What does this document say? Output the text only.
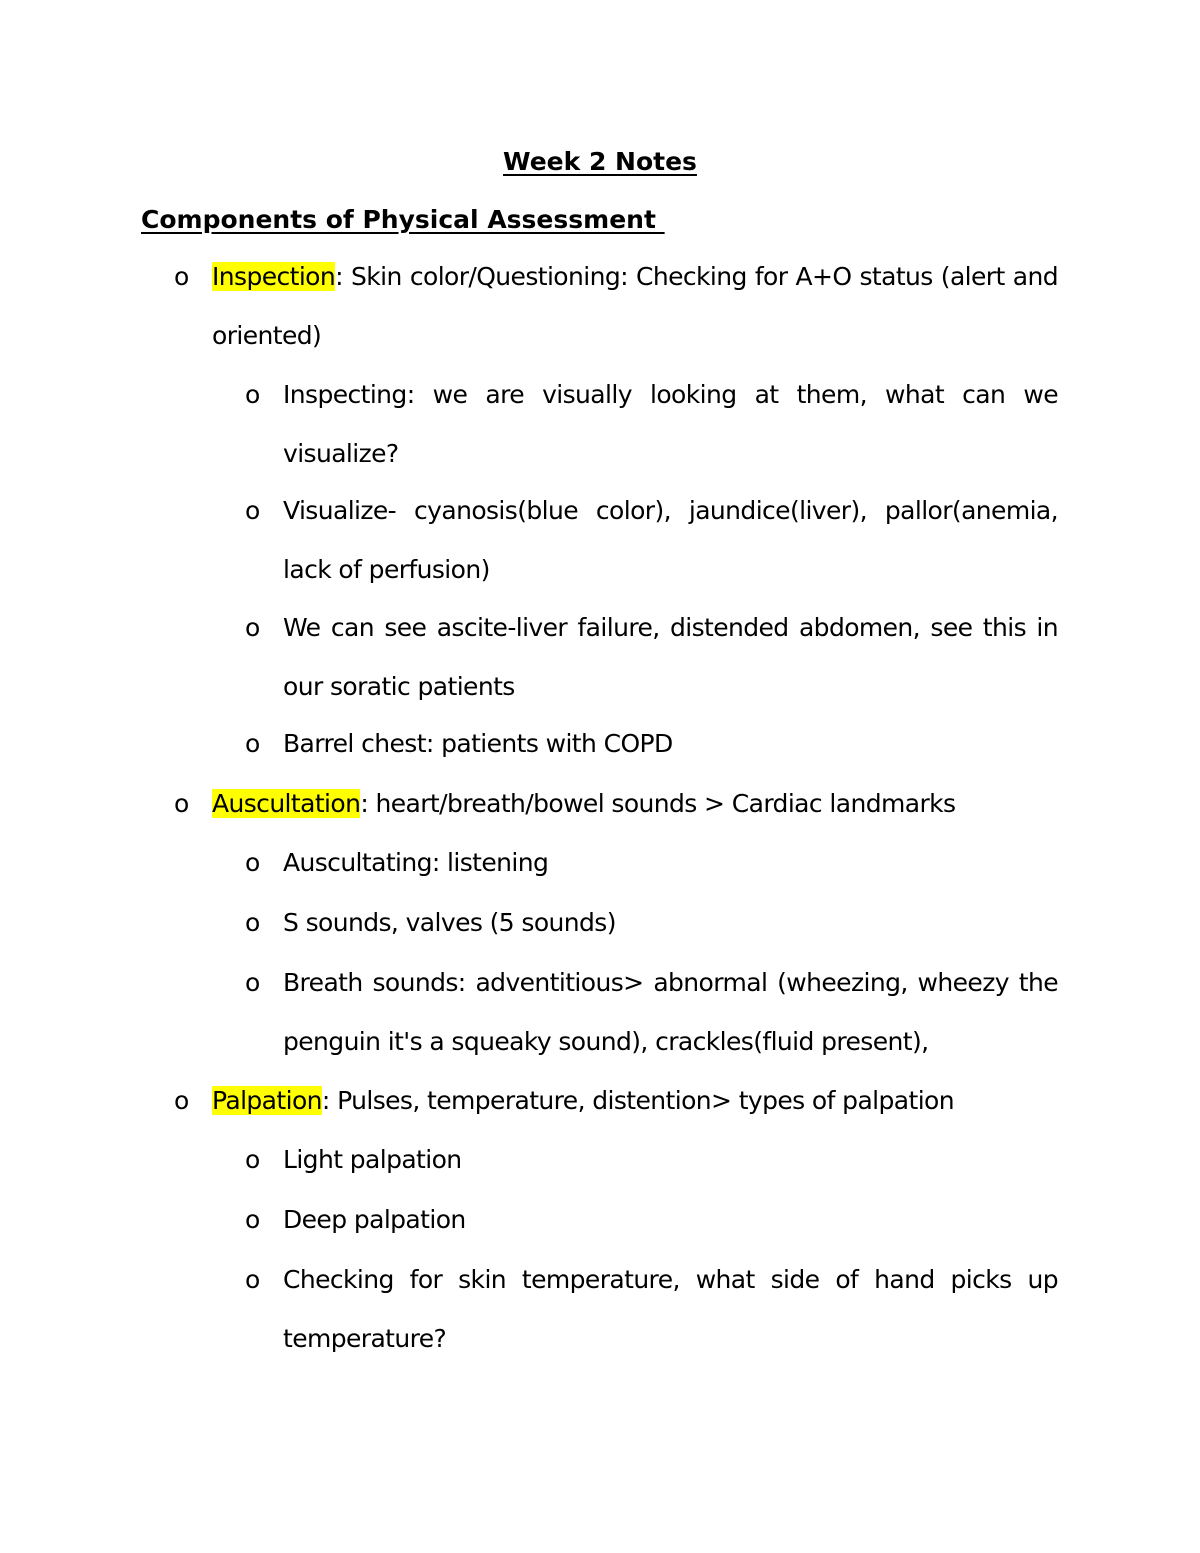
Week 2 Notes
Components of Physical Assessment
o Inspection: Skin color/Questioning: Checking for A+O status (alert and oriented)
o Inspecting: we are visually looking at them, what can we visualize?
o Visualize- cyanosis(blue color), jaundice(liver), pallor(anemia, lack of perfusion)
o We can see ascite-liver failure, distended abdomen, see this in our soratic patients
o Barrel chest: patients with COPD
o Auscultation: heart/breath/bowel sounds > Cardiac landmarks
o Auscultating: listening
o S sounds, valves (5 sounds)
o Breath sounds: adventitious> abnormal (wheezing, wheezy the penguin it's a squeaky sound), crackles(fluid present),
o Palpation: Pulses, temperature, distention> types of palpation
o Light palpation
o Deep palpation
o Checking for skin temperature, what side of hand picks up temperature?
